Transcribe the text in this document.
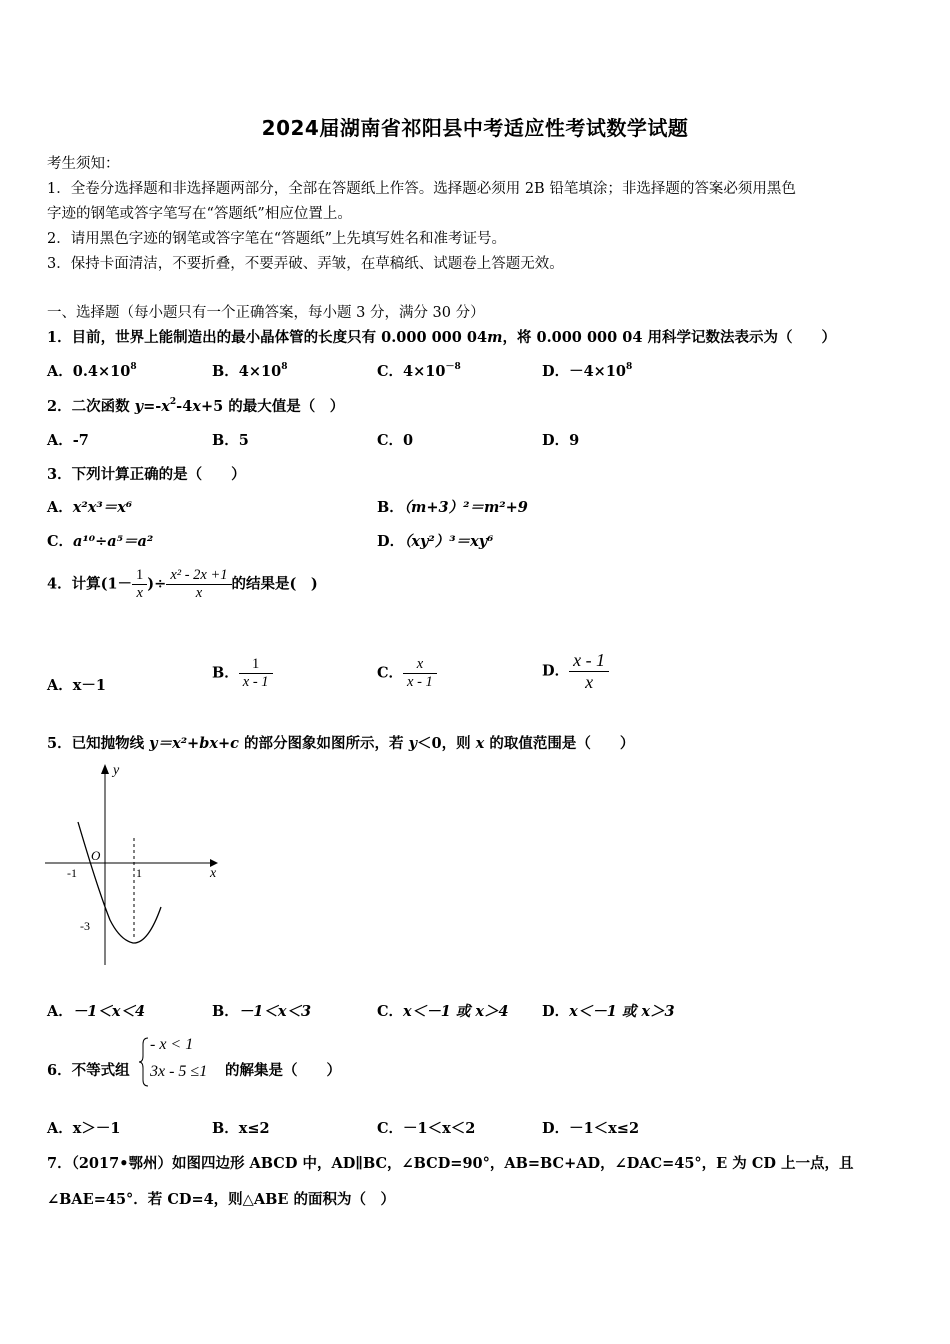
2024届湖南省祁阳县中考适应性考试数学试题
考生须知：
1．全卷分选择题和非选择题两部分，全部在答题纸上作答。选择题必须用 2B 铅笔填涂；非选择题的答案必须用黑色
字迹的钢笔或答字笔写在“答题纸”相应位置上。
2．请用黑色字迹的钢笔或答字笔在“答题纸”上先填写姓名和准考证号。
3．保持卡面清洁，不要折叠，不要弄破、弄皱，在草稿纸、试题卷上答题无效。
一、选择题（每小题只有一个正确答案，每小题 3 分，满分 30 分）
1．目前，世界上能制造出的最小晶体管的长度只有 0.000 000 04m，将 0.000 000 04 用科学记数法表示为（　　）
A．$0.4\times 10^8$	B．$4\times 10^8$	C．$4\times 10^{-8}$	D．$-4\times 10^8$
2．二次函数 $y=-x^2-4x+5$ 的最大值是（　）
A．-7	B．5	C．0	D．9
3．下列计算正确的是（　　）
A．x²x³＝x⁶	B．（m+3）²＝m²+9
C．a¹⁰÷a⁵＝a²	D．（xy²）³＝xy⁶
4．计算($1- \frac{1}{x}$ )÷ $\frac{\text{x² - 2x +1}}{x}$ 的结果是(　)
A．x－1
B． $\frac{1}{x - 1}$	C． $\frac{x}{x - 1}$	D． $\frac{x - 1}{x}$
5．已知抛物线 y＝x²+bx+c 的部分图象如图所示，若 y＜0，则 x 的取值范围是（　　）
y
x
O
-1	1
-3
A．－1＜x＜4	B．－1＜x＜3	C．x＜－1 或 x＞4 D．x＜－1 或 x＞3
6．不等式组
- x < 1
3x - 5 ≤1 的解集是（　　）
A．x＞－1	B．x≤2	C．－1＜x＜2	D．－1＜x≤2
7．（2017•鄂州）如图四边形 ABCD 中，AD∥BC，∠BCD=90°，AB=BC+AD，∠DAC=45°，E 为 CD 上一点，且
∠BAE=45°．若 CD=4，则△ABE 的面积为（　）
